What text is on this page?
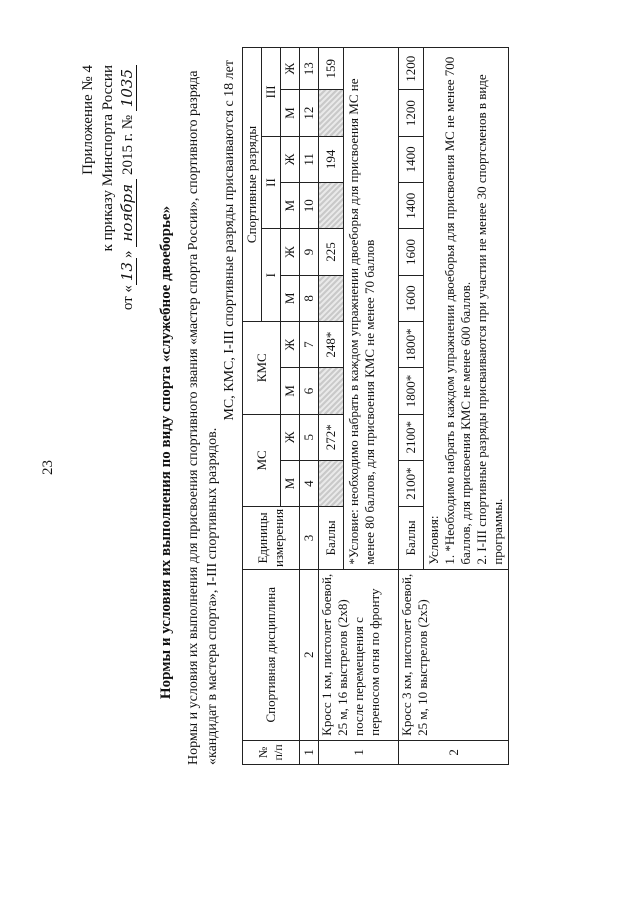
23
Приложение № 4 к приказу Минспорта России
от «13» ноября 2015 г. № 1035
Нормы и условия их выполнения по виду спорта «служебное двоеборье» Нормы и условия их выполнения для присвоения спортивного звания «мастер спорта России», спортивного разряда «кандидат в мастера спорта», I-III спортивных разрядов.
МС, КМС, I-III спортивные разряды присваиваются с 18 лет
№ п/п	Спортивная дисциплина	Единицы измерения	МС		КМС		Спортивные разряды					
							I		II		III	
			М	Ж	М	Ж	М	Ж	М	Ж	М	Ж
1	2	3	4	5	6	7	8	9	10	11	12	13
1	Кросс 1 км, пистолет боевой, 25 м, 16 выстрелов (2х8) после перемещения с переносом огня по фронту	Баллы		272*		248*		225		194		159
		*Условие: необходимо набрать в каждом упражнении двоеборья для присвоения МС не менее 80 баллов, для присвоения КМС не менее 70 баллов										
2	Кросс 3 км, пистолет боевой, 25 м, 10 выстрелов (2х5)	Баллы	2100*	2100*	1800*	1800*	1600	1600	1400	1400	1200	1200

		Условия: 1. *Необходимо набрать в каждом упражнении двоеборья для присвоения МС не менее 700 баллов, для присвоения КМС не менее 600 баллов. 2. I-III спортивные разряды присваиваются при участии не менее 30 спортсменов в виде программы.										
